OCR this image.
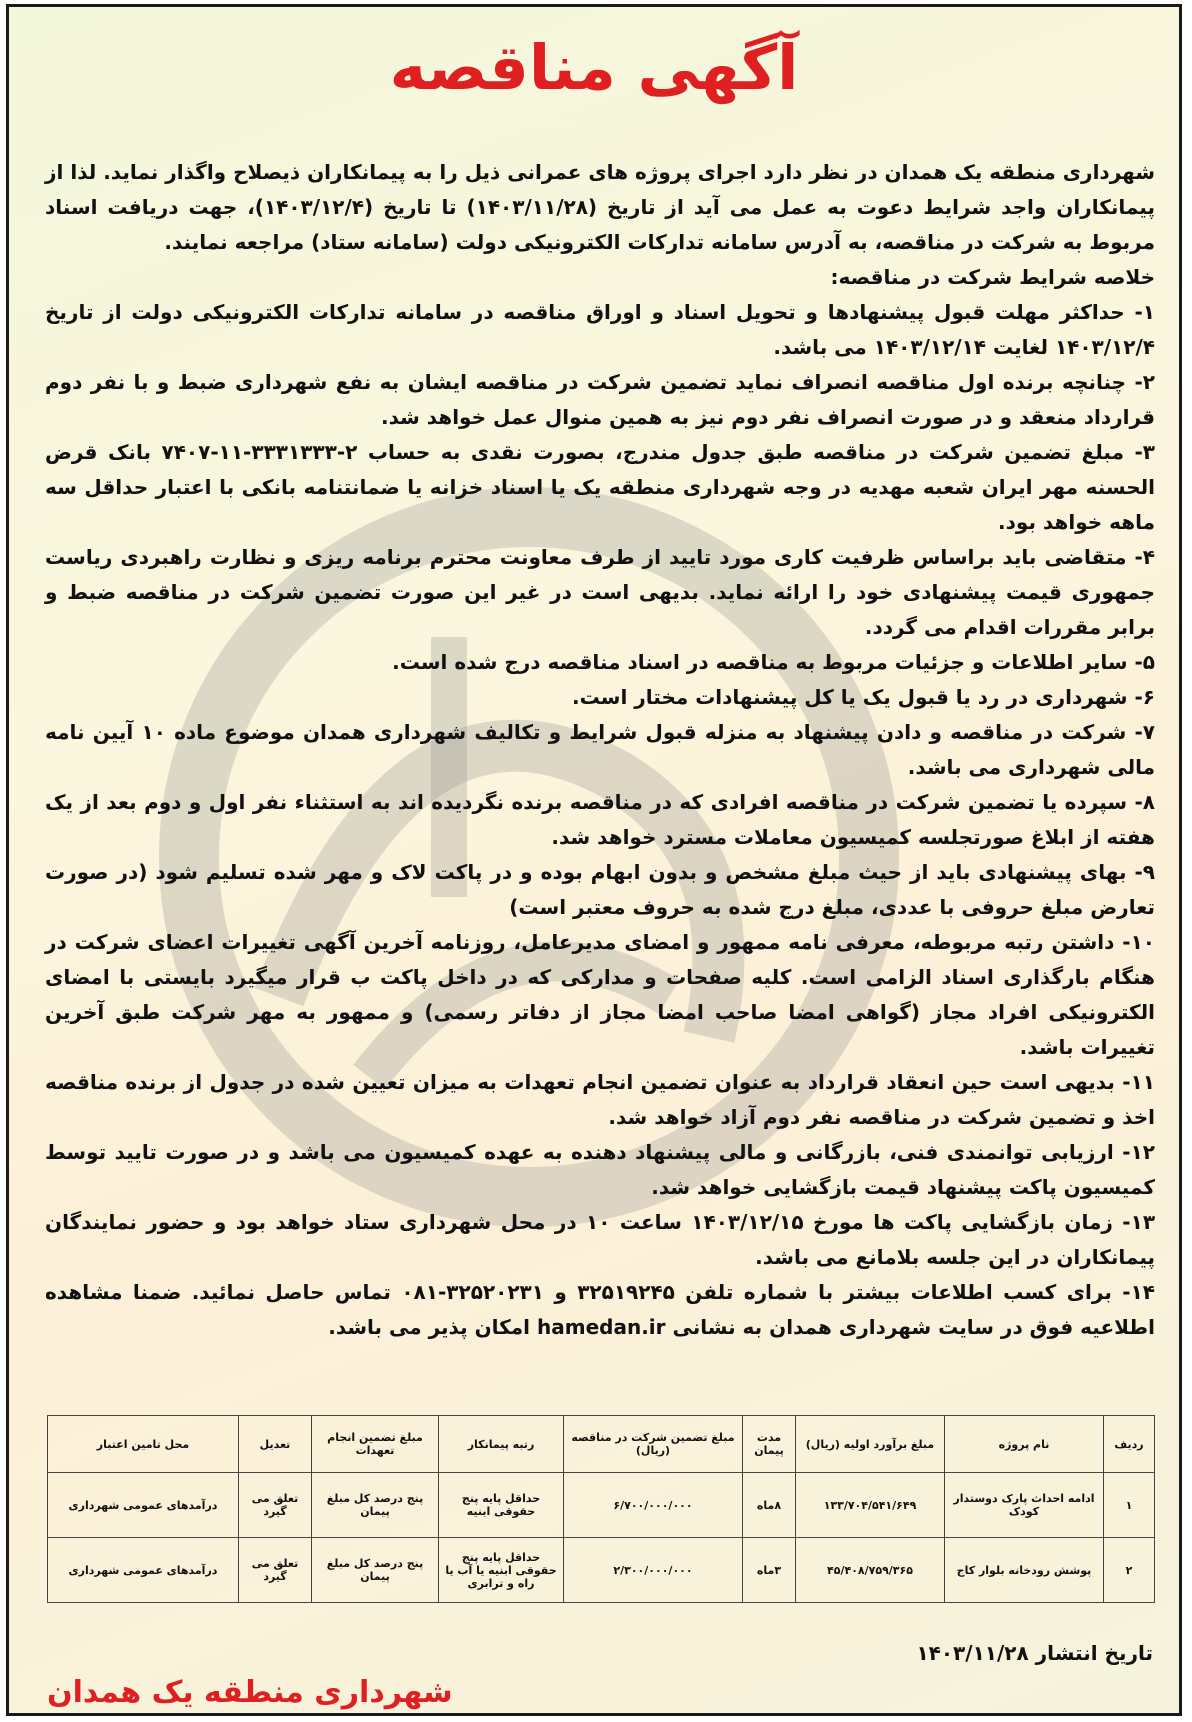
آگهی مناقصه

شهرداری منطقه یک همدان در نظر دارد اجرای پروژه های عمرانی ذیل را به پیمانکاران ذیصلاح واگذار نماید. لذا از پیمانکاران واجد شرایط دعوت به عمل می آید از تاریخ (۱۴۰۳/۱۱/۲۸) تا تاریخ (۱۴۰۳/۱۲/۴)، جهت دریافت اسناد مربوط به شرکت در مناقصه، به آدرس سامانه تدارکات الکترونیکی دولت (سامانه ستاد) مراجعه نمایند.

خلاصه شرایط شرکت در مناقصه:

۱- حداکثر مهلت قبول پیشنهادها و تحویل اسناد و اوراق مناقصه در سامانه تدارکات الکترونیکی دولت از تاریخ ۱۴۰۳/۱۲/۴ لغایت ۱۴۰۳/۱۲/۱۴ می باشد.

۲- چنانچه برنده اول مناقصه انصراف نماید تضمین شرکت در مناقصه ایشان به نفع شهرداری ضبط و با نفر دوم قرارداد منعقد و در صورت انصراف نفر دوم نیز به همین منوال عمل خواهد شد.

۳- مبلغ تضمین شرکت در مناقصه طبق جدول مندرج، بصورت نقدی به حساب ۲-۳۳۳۱۳۳۳-۱۱-۷۴۰۷ بانک قرض الحسنه مهر ایران شعبه مهدیه در وجه شهرداری منطقه یک یا اسناد خزانه یا ضمانتنامه بانکی با اعتبار حداقل سه ماهه خواهد بود.

۴- متقاضی باید براساس ظرفیت کاری مورد تایید از طرف معاونت محترم برنامه ریزی و نظارت راهبردی ریاست جمهوری قیمت پیشنهادی خود را ارائه نماید. بدیهی است در غیر این صورت تضمین شرکت در مناقصه ضبط و برابر مقررات اقدام می گردد.

۵- سایر اطلاعات و جزئیات مربوط به مناقصه در اسناد مناقصه درج شده است.

۶- شهرداری در رد یا قبول یک یا کل پیشنهادات مختار است.

۷- شرکت در مناقصه و دادن پیشنهاد به منزله قبول شرایط و تکالیف شهرداری همدان موضوع ماده ۱۰ آیین نامه مالی شهرداری می باشد.

۸- سپرده یا تضمین شرکت در مناقصه افرادی که در مناقصه برنده نگردیده اند به استثناء نفر اول و دوم بعد از یک هفته از ابلاغ صورتجلسه کمیسیون معاملات مسترد خواهد شد.

۹- بهای پیشنهادی باید از حیث مبلغ مشخص و بدون ابهام بوده و در پاکت لاک و مهر شده تسلیم شود (در صورت تعارض مبلغ حروفی با عددی، مبلغ درج شده به حروف معتبر است)

۱۰- داشتن رتبه مربوطه، معرفی نامه ممهور و امضای مدیرعامل، روزنامه آخرین آگهی تغییرات اعضای شرکت در هنگام بارگذاری اسناد الزامی است. کلیه صفحات و مدارکی که در داخل پاکت ب قرار میگیرد بایستی با امضای الکترونیکی افراد مجاز (گواهی امضا صاحب امضا مجاز از دفاتر رسمی) و ممهور به مهر شرکت طبق آخرین تغییرات باشد.

۱۱- بدیهی است حین انعقاد قرارداد به عنوان تضمین انجام تعهدات به میزان تعیین شده در جدول از برنده مناقصه اخذ و تضمین شرکت در مناقصه نفر دوم آزاد خواهد شد.

۱۲- ارزیابی توانمندی فنی، بازرگانی و مالی پیشنهاد دهنده به عهده کمیسیون می باشد و در صورت تایید توسط کمیسیون پاکت پیشنهاد قیمت بازگشایی خواهد شد.

۱۳- زمان بازگشایی پاکت ها مورخ ۱۴۰۳/۱۲/۱۵ ساعت ۱۰ در محل شهرداری ستاد خواهد بود و حضور نمایندگان پیمانکاران در این جلسه بلامانع می باشد.

۱۴- برای کسب اطلاعات بیشتر با شماره تلفن ۳۲۵۱۹۲۴۵ و ۳۲۵۲۰۲۳۱-۰۸۱ تماس حاصل نمائید. ضمنا مشاهده اطلاعیه فوق در سایت شهرداری همدان به نشانی hamedan.ir امکان پذیر می باشد.

ردیف	نام پروژه	مبلغ برآورد اولیه (ریال)	مدت پیمان	مبلغ تضمین شرکت در مناقصه (ریال)	رتبه پیمانکار	مبلغ تضمین انجام تعهدات	تعدیل	محل تامین اعتبار
۱	ادامه احداث پارک دوستدار کودک	۱۳۳/۷۰۴/۵۴۱/۶۴۹	۸ماه	۶/۷۰۰/۰۰۰/۰۰۰	حداقل پایه پنج حقوقی ابنیه	پنج درصد کل مبلغ پیمان	تعلق می گیرد	درآمدهای عمومی شهرداری
۲	پوشش رودخانه بلوار کاج	۴۵/۴۰۸/۷۵۹/۳۶۵	۳ماه	۲/۳۰۰/۰۰۰/۰۰۰	حداقل پایه پنج حقوقی ابنیه یا آب یا راه و ترابری	پنج درصد کل مبلغ پیمان	تعلق می گیرد	درآمدهای عمومی شهرداری
تاریخ انتشار ۱۴۰۳/۱۱/۲۸
شهرداری منطقه یک همدان
